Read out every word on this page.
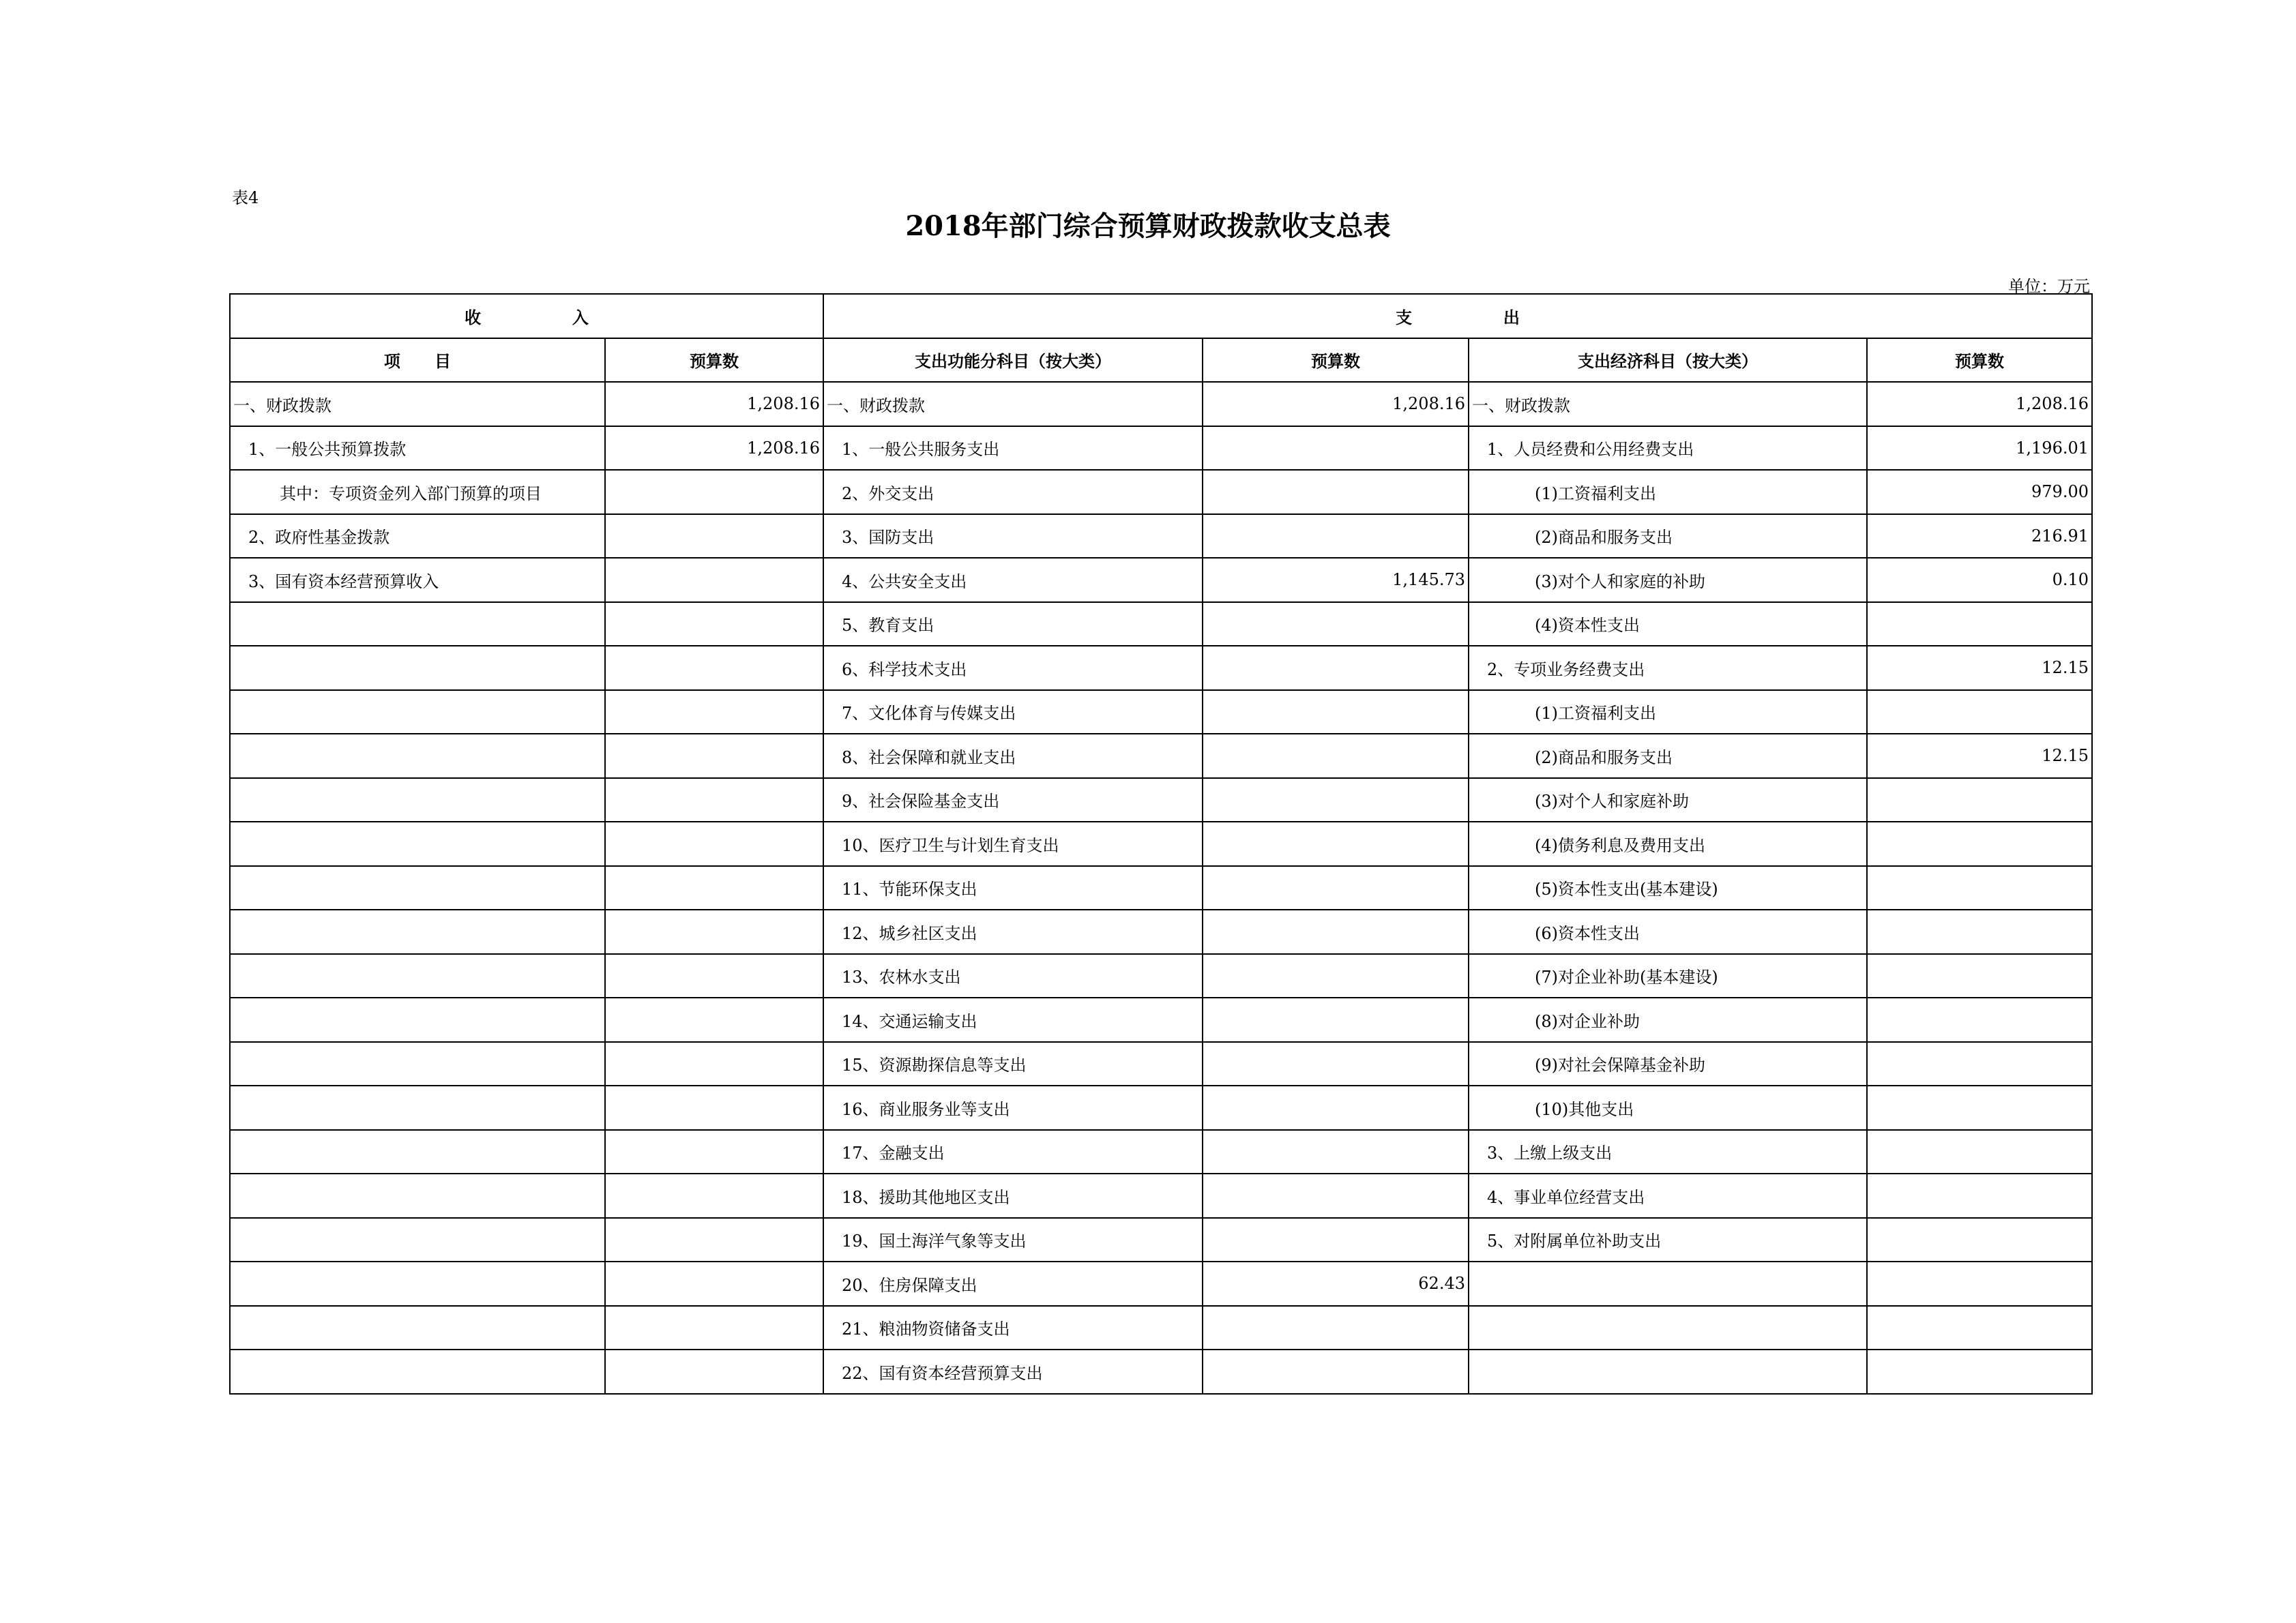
表4
2018年部门综合预算财政拨款收支总表
单位：万元
收                入		支                出			
项      目	预算数	支出功能分科目（按大类）	预算数	支出经济科目（按大类）	预算数
一、财政拨款	1,208.16	一、财政拨款	1,208.16	一、财政拨款	1,208.16
1、一般公共预算拨款	1,208.16	1、一般公共服务支出		1、人员经费和公用经费支出	1,196.01
其中：专项资金列入部门预算的项目		2、外交支出		(1)工资福利支出	979.00
2、政府性基金拨款		3、国防支出		(2)商品和服务支出	216.91
3、国有资本经营预算收入		4、公共安全支出	1,145.73	(3)对个人和家庭的补助	0.10
		5、教育支出		(4)资本性支出	
		6、科学技术支出		2、专项业务经费支出	12.15
		7、文化体育与传媒支出		(1)工资福利支出	
		8、社会保障和就业支出		(2)商品和服务支出	12.15
		9、社会保险基金支出		(3)对个人和家庭补助	
		10、医疗卫生与计划生育支出		(4)债务利息及费用支出	
		11、节能环保支出		(5)资本性支出(基本建设)	
		12、城乡社区支出		(6)资本性支出	
		13、农林水支出		(7)对企业补助(基本建设)	
		14、交通运输支出		(8)对企业补助	
		15、资源勘探信息等支出		(9)对社会保障基金补助	
		16、商业服务业等支出		(10)其他支出	
		17、金融支出		3、上缴上级支出	
		18、援助其他地区支出		4、事业单位经营支出	
		19、国土海洋气象等支出		5、对附属单位补助支出	
		20、住房保障支出	62.43		
		21、粮油物资储备支出			
		22、国有资本经营预算支出			
